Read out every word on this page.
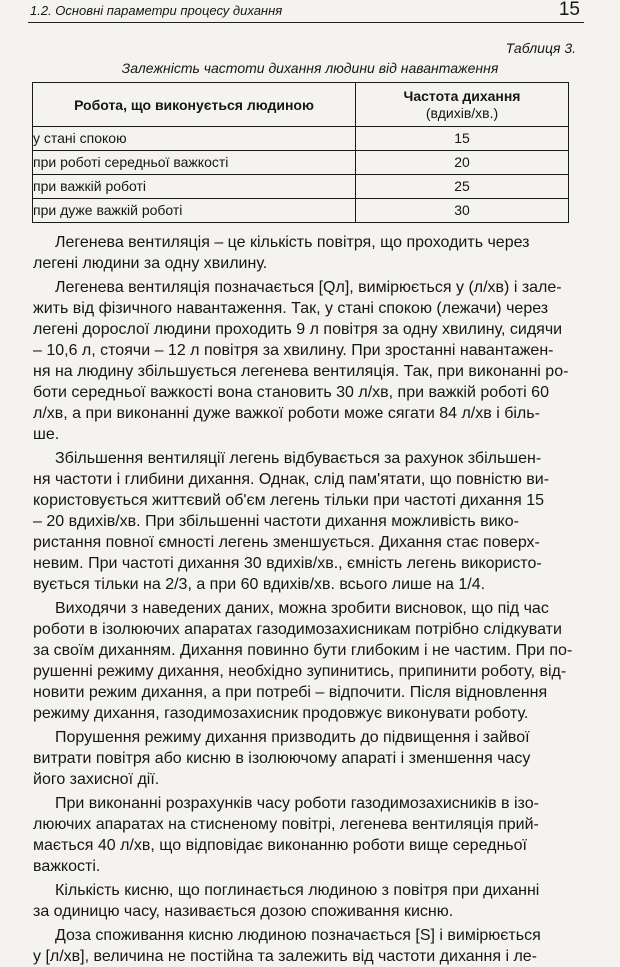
1.2. Основні параметри процесу дихання	15
Таблиця 3.
Залежність частоти дихання людини від навантаження
Робота, що виконується людиною	Частота дихання
(вдихів/хв.)
у стані спокою	15
при роботі середньої важкості	20
при важкій роботі	25
при дуже важкій роботі	30

Легенева вентиляція – це кількість повітря, що проходить через
легені людини за одну хвилину.

Легенева вентиляція позначається [Qл], вимірюється у (л/хв) і зале-
жить від фізичного навантаження. Так, у стані спокою (лежачи) через
легені дорослої людини проходить 9 л повітря за одну хвилину, сидячи
– 10,6 л, стоячи – 12 л повітря за хвилину. При зростанні навантажен-
ня на людину збільшується легенева вентиляція. Так, при виконанні ро-
боти середньої важкості вона становить 30 л/хв, при важкій роботі 60
л/хв, а при виконанні дуже важкої роботи може сягати 84 л/хв і біль-
ше.

Збільшення вентиляції легень відбувається за рахунок збільшен-
ня частоти і глибини дихання. Однак, слід пам'ятати, що повністю ви-
користовується життєвий об'єм легень тільки при частоті дихання 15
– 20 вдихів/хв. При збільшенні частоти дихання можливість вико-
ристання повної ємності легень зменшується. Дихання стає поверх-
невим. При частоті дихання 30 вдихів/хв., ємність легень використо-
вується тільки на 2/3, а при 60 вдихів/хв. всього лише на 1/4.

Виходячи з наведених даних, можна зробити висновок, що під час
роботи в ізолюючих апаратах газодимозахисникам потрібно слідкувати
за своїм диханням. Дихання повинно бути глибоким і не частим. При по-
рушенні режиму дихання, необхідно зупинитись, припинити роботу, від-
новити режим дихання, а при потребі – відпочити. Після відновлення
режиму дихання, газодимозахисник продовжує виконувати роботу.

Порушення режиму дихання призводить до підвищення і зайвої
витрати повітря або кисню в ізолюючому апараті і зменшення часу
його захисної дії.

При виконанні розрахунків часу роботи газодимозахисників в ізо-
люючих апаратах на стисненому повітрі, легенева вентиляція прий-
мається 40 л/хв, що відповідає виконанню роботи вище середньої
важкості.

Кількість кисню, що поглинається людиною з повітря при диханні
за одиницю часу, називається дозою споживання кисню.

Доза споживання кисню людиною позначається [S] і вимірюється
у [л/хв], величина не постійна та залежить від частоти дихання і ле-
